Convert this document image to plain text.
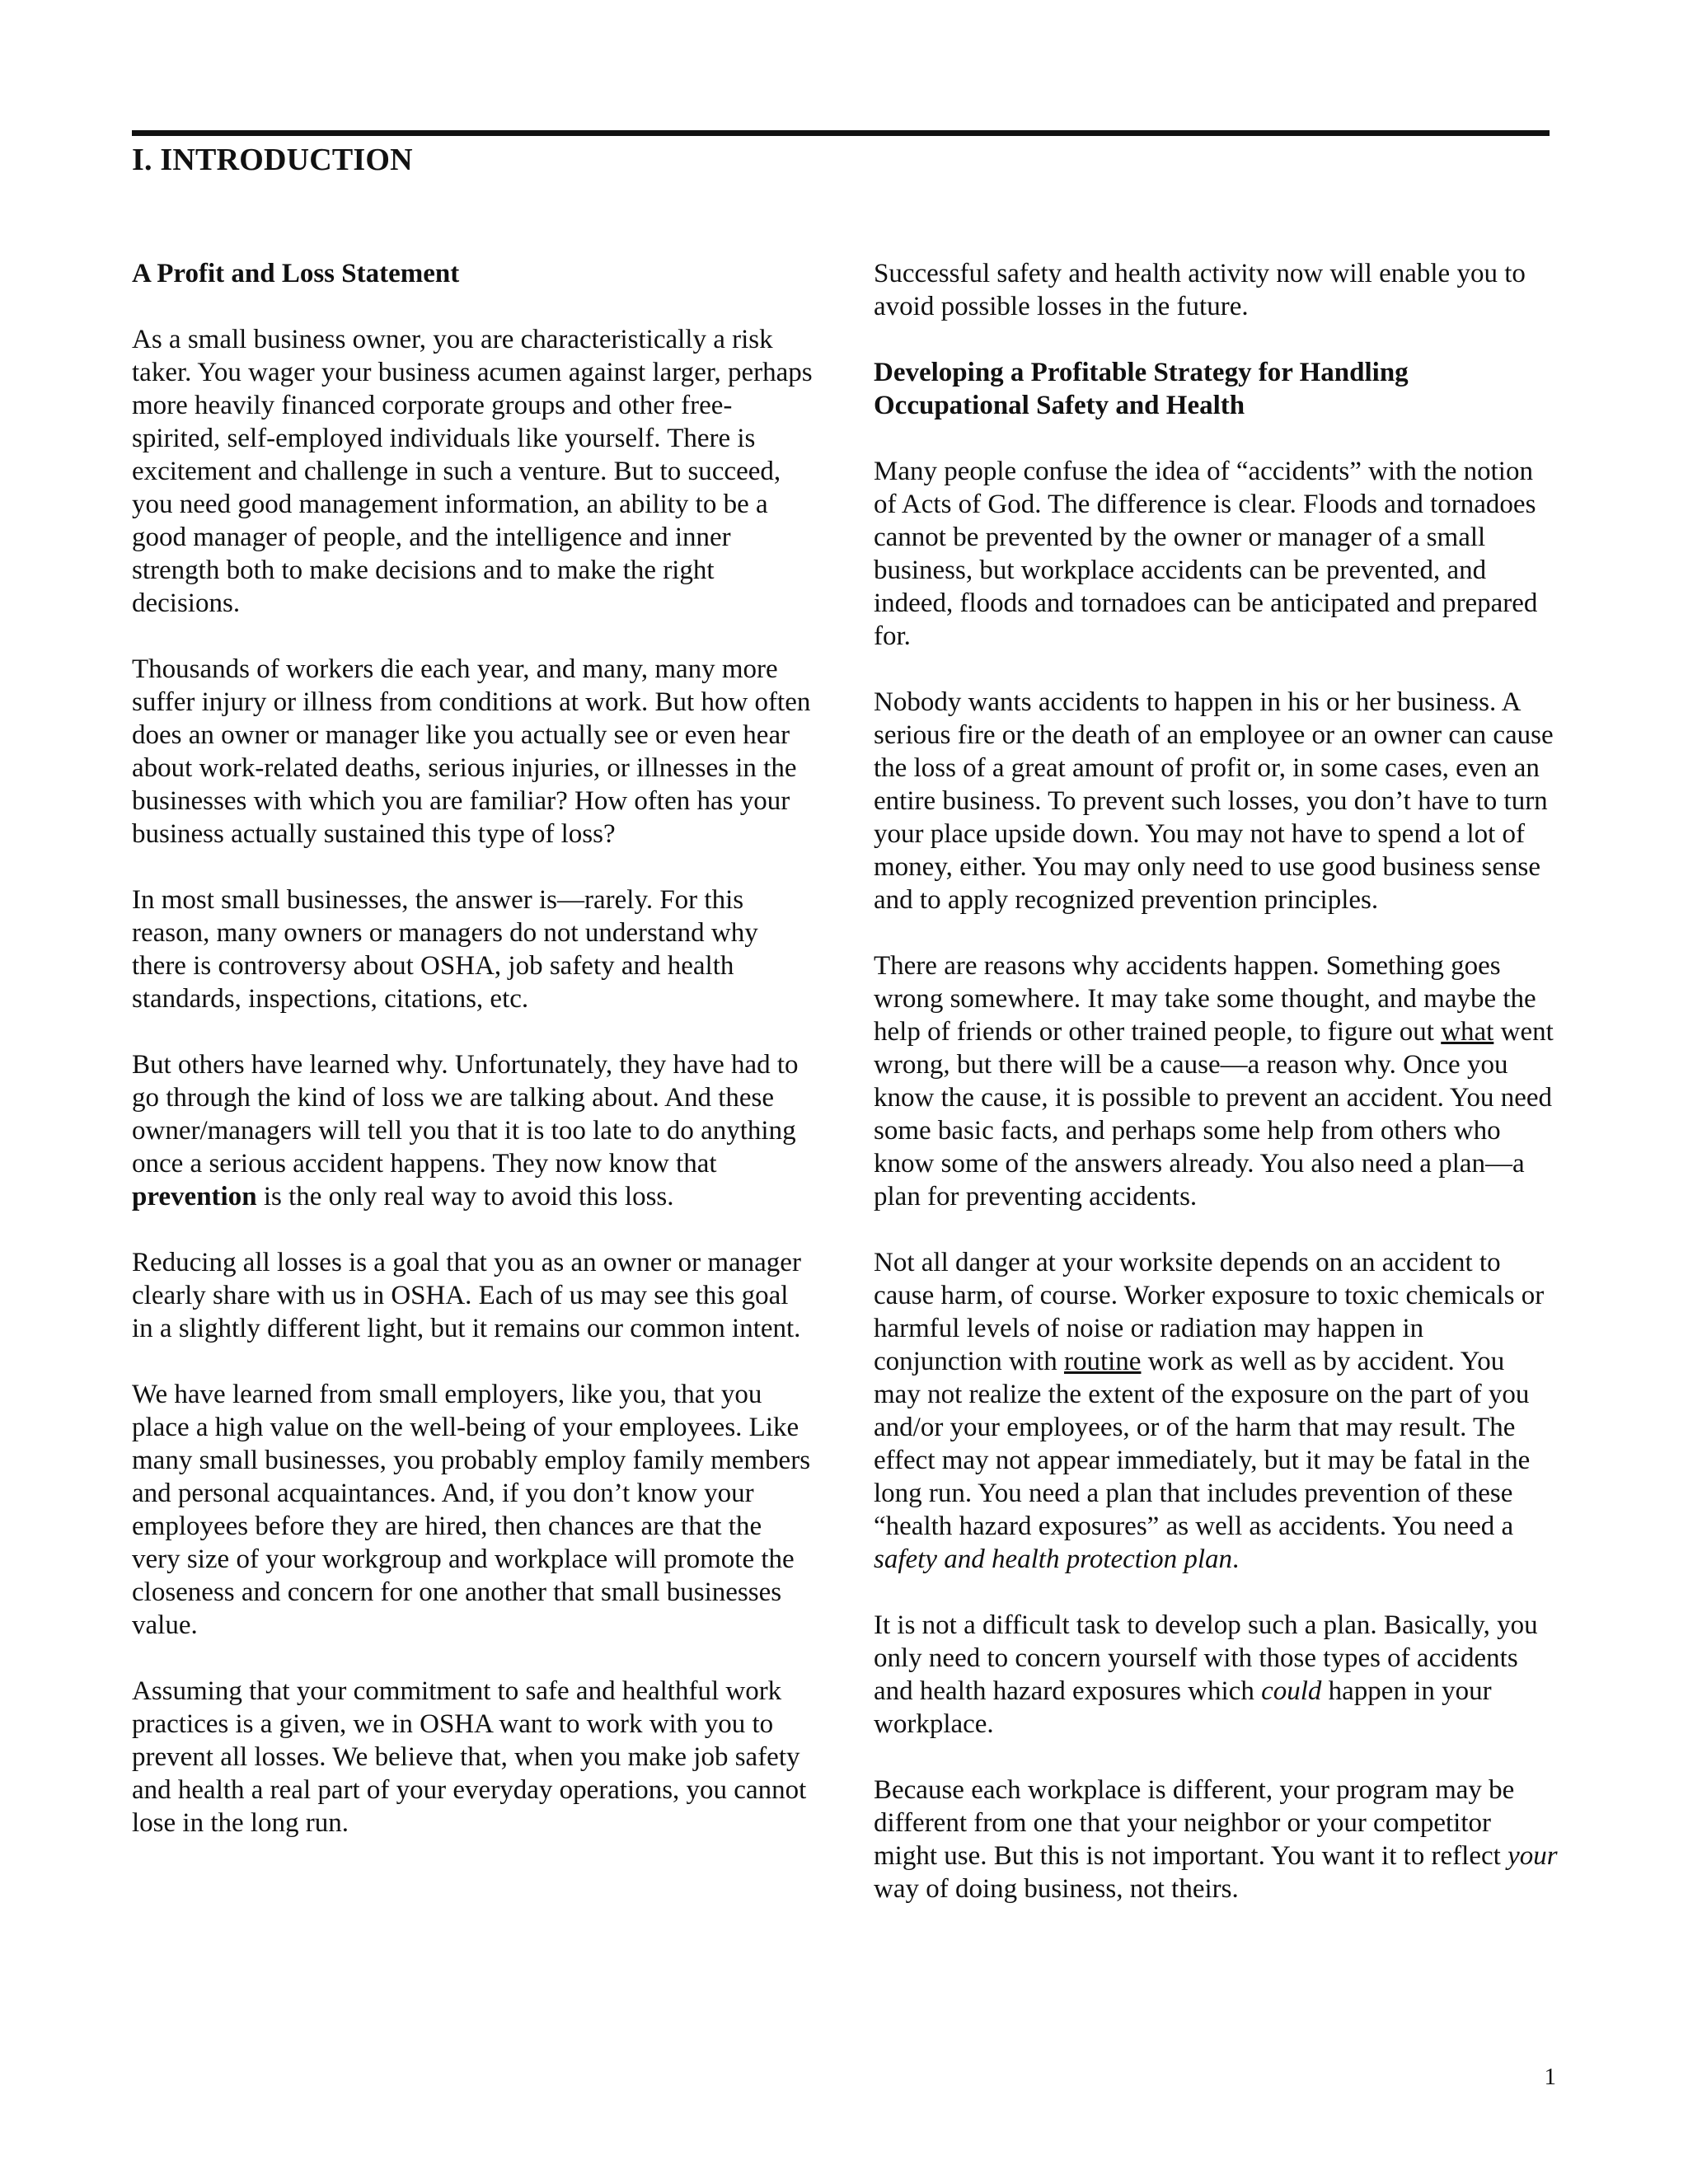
I. INTRODUCTION
A Profit and Loss Statement

As a small business owner, you are characteristically a risk taker. You wager your business acumen against larger, perhaps more heavily financed corporate groups and other free-spirited, self-employed individuals like yourself. There is excitement and challenge in such a venture. But to succeed, you need good management information, an ability to be a good manager of people, and the intelligence and inner strength both to make decisions and to make the right decisions.

Thousands of workers die each year, and many, many more suffer injury or illness from conditions at work. But how often does an owner or manager like you actually see or even hear about work-related deaths, serious injuries, or illnesses in the businesses with which you are familiar? How often has your business actually sustained this type of loss?

In most small businesses, the answer is—rarely. For this reason, many owners or managers do not understand why there is controversy about OSHA, job safety and health standards, inspections, citations, etc.

But others have learned why. Unfortunately, they have had to go through the kind of loss we are talking about. And these owner/managers will tell you that it is too late to do anything once a serious accident happens. They now know that prevention is the only real way to avoid this loss.

Reducing all losses is a goal that you as an owner or manager clearly share with us in OSHA. Each of us may see this goal in a slightly different light, but it remains our common intent.

We have learned from small employers, like you, that you place a high value on the well-being of your employees. Like many small businesses, you probably employ family members and personal acquaintances. And, if you don’t know your employees before they are hired, then chances are that the very size of your workgroup and workplace will promote the closeness and concern for one another that small businesses value.

Assuming that your commitment to safe and healthful work practices is a given, we in OSHA want to work with you to prevent all losses. We believe that, when you make job safety and health a real part of your everyday operations, you cannot lose in the long run.

Successful safety and health activity now will enable you to avoid possible losses in the future.

Developing a Profitable Strategy for Handling Occupational Safety and Health

Many people confuse the idea of “accidents” with the notion of Acts of God. The difference is clear. Floods and tornadoes cannot be prevented by the owner or manager of a small business, but workplace accidents can be prevented, and indeed, floods and tornadoes can be anticipated and prepared for.

Nobody wants accidents to happen in his or her business. A serious fire or the death of an employee or an owner can cause the loss of a great amount of profit or, in some cases, even an entire business. To prevent such losses, you don’t have to turn your place upside down. You may not have to spend a lot of money, either. You may only need to use good business sense and to apply recognized prevention principles.

There are reasons why accidents happen. Something goes wrong somewhere. It may take some thought, and maybe the help of friends or other trained people, to figure out what went wrong, but there will be a cause—a reason why. Once you know the cause, it is possible to prevent an accident. You need some basic facts, and perhaps some help from others who know some of the answers already. You also need a plan—a plan for preventing accidents.

Not all danger at your worksite depends on an accident to cause harm, of course. Worker exposure to toxic chemicals or harmful levels of noise or radiation may happen in conjunction with routine work as well as by accident. You may not realize the extent of the exposure on the part of you and/or your employees, or of the harm that may result. The effect may not appear immediately, but it may be fatal in the long run. You need a plan that includes prevention of these “health hazard exposures” as well as accidents. You need a safety and health protection plan.

It is not a difficult task to develop such a plan. Basically, you only need to concern yourself with those types of accidents and health hazard exposures which could happen in your workplace.

Because each workplace is different, your program may be different from one that your neighbor or your competitor might use. But this is not important. You want it to reflect your way of doing business, not theirs.

1
